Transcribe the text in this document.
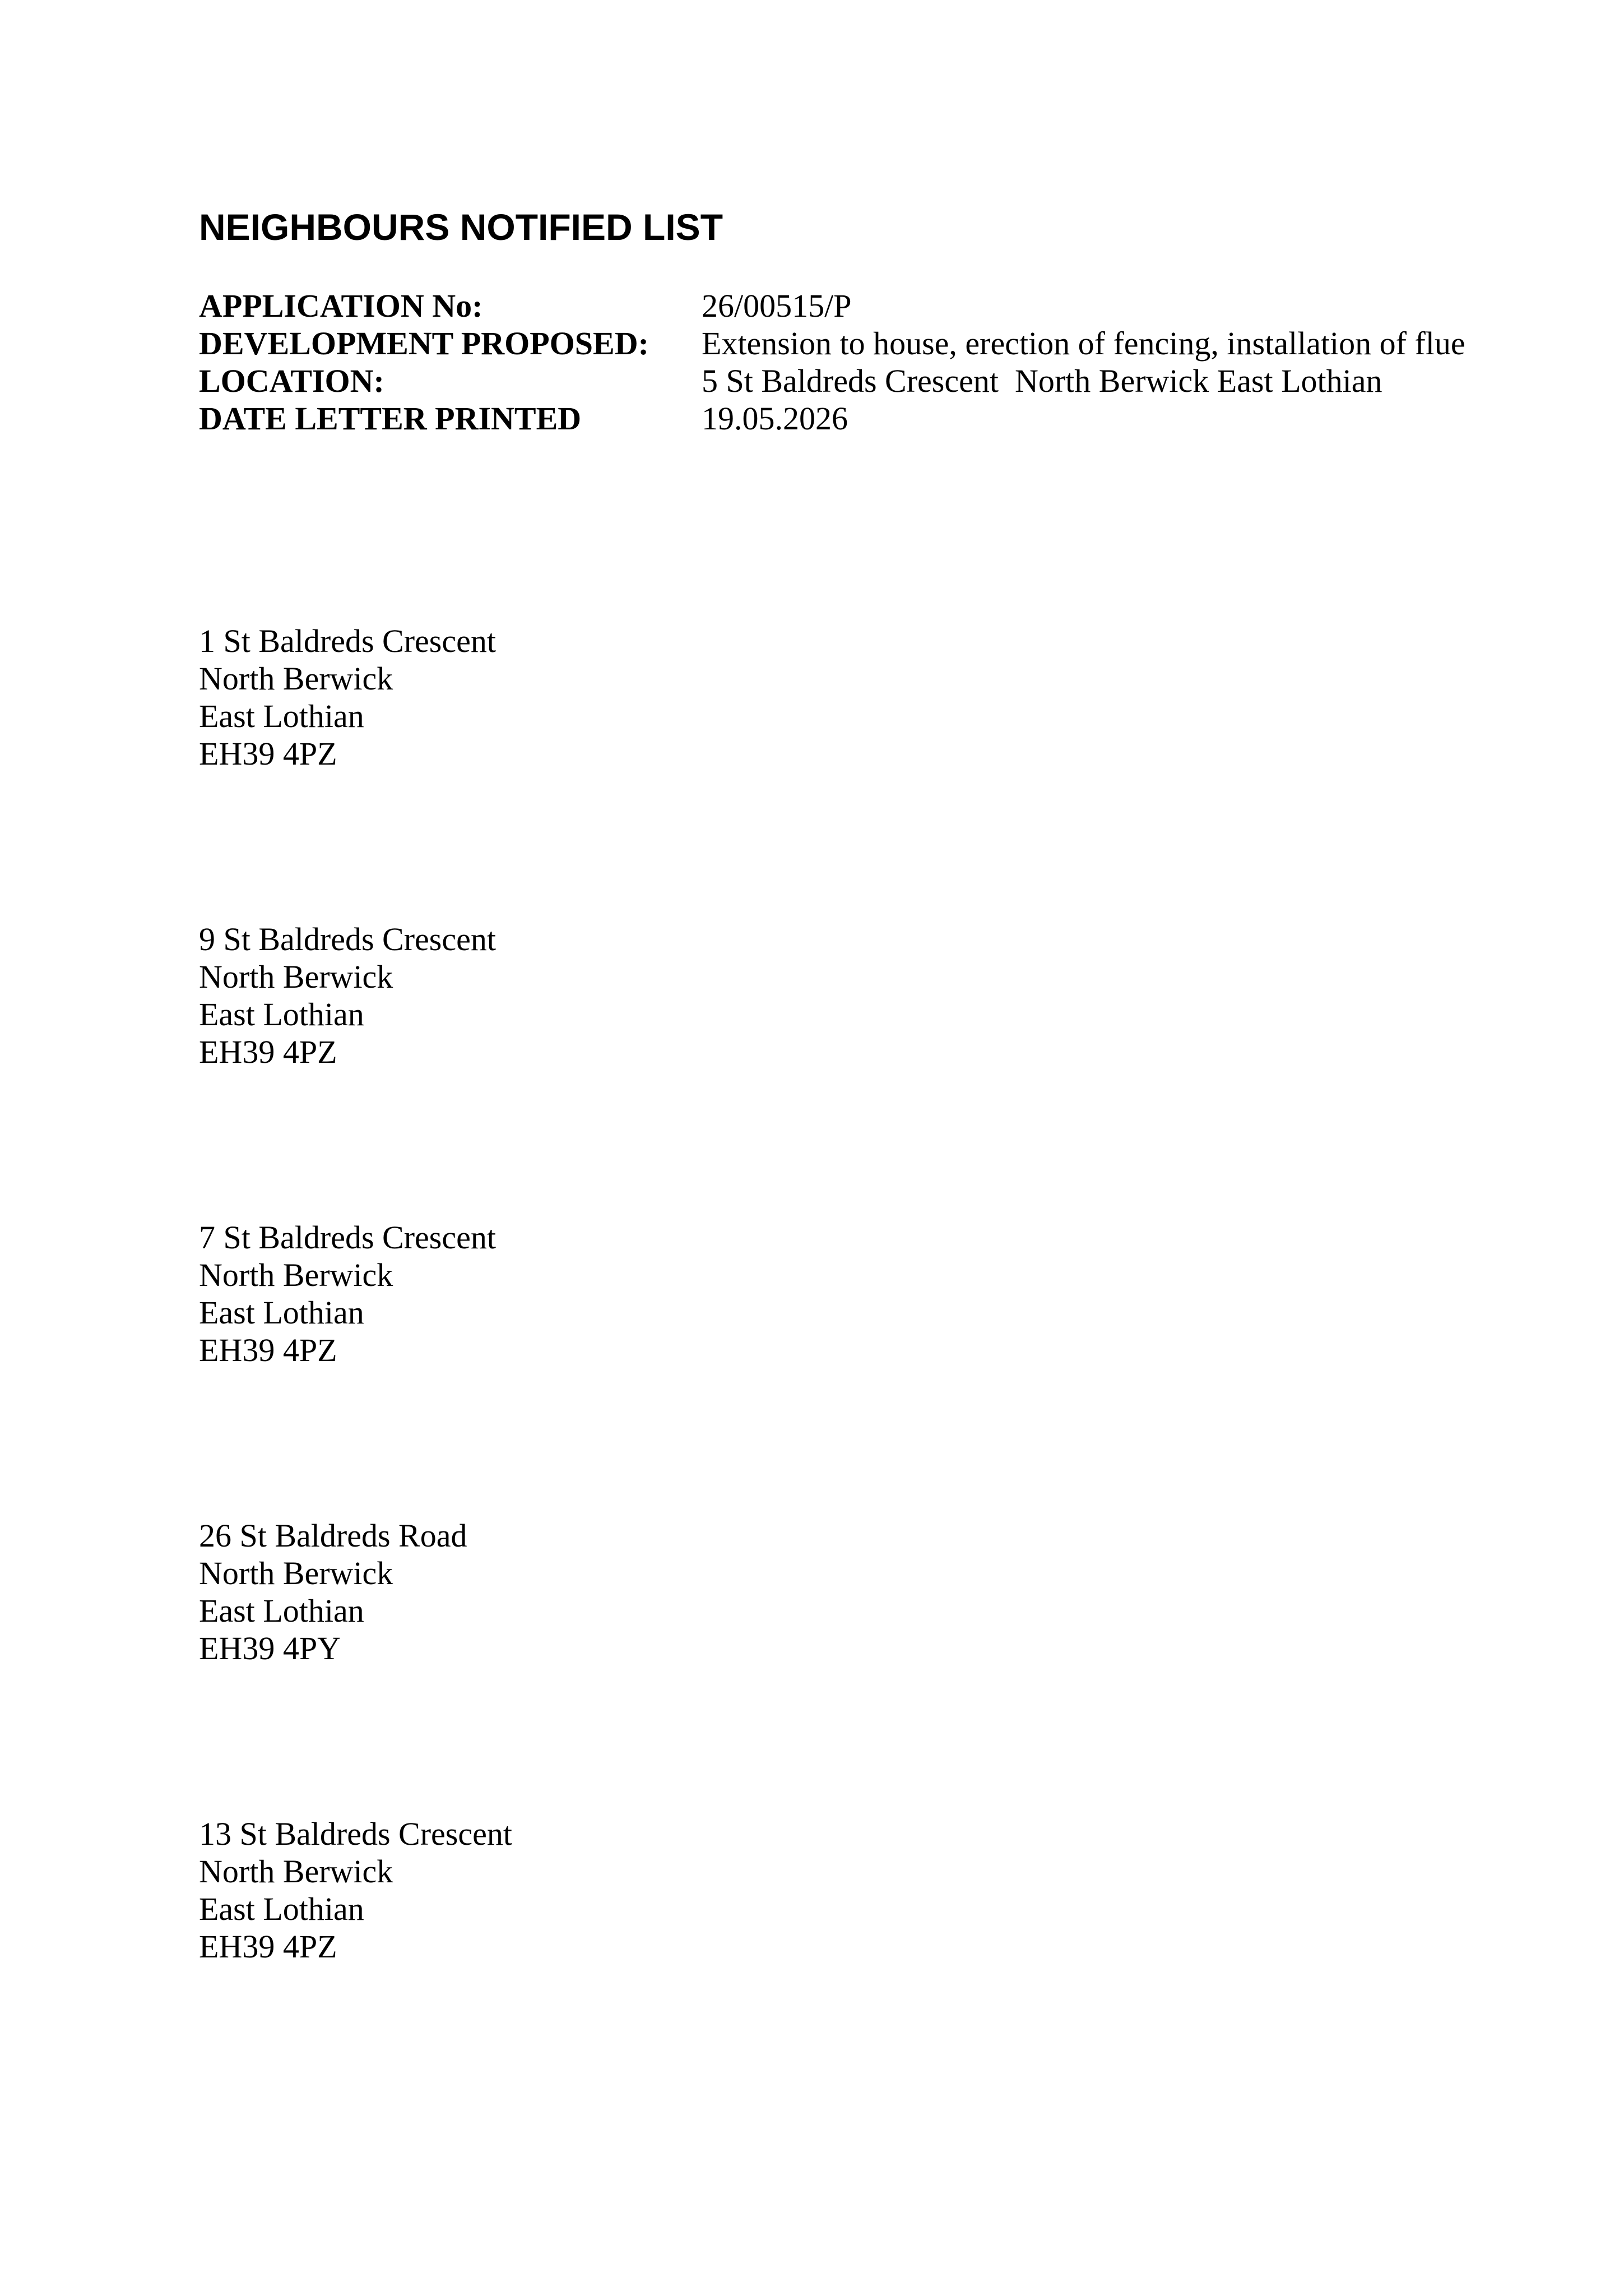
NEIGHBOURS NOTIFIED LIST
APPLICATION No:	26/00515/P
DEVELOPMENT PROPOSED:	Extension to house, erection of fencing, installation of flue
LOCATION:	5 St Baldreds Crescent  North Berwick East Lothian
DATE LETTER PRINTED	19.05.2026
1 St Baldreds Crescent
North Berwick
East Lothian
EH39 4PZ
9 St Baldreds Crescent
North Berwick
East Lothian
EH39 4PZ
7 St Baldreds Crescent
North Berwick
East Lothian
EH39 4PZ
26 St Baldreds Road
North Berwick
East Lothian
EH39 4PY
13 St Baldreds Crescent
North Berwick
East Lothian
EH39 4PZ
